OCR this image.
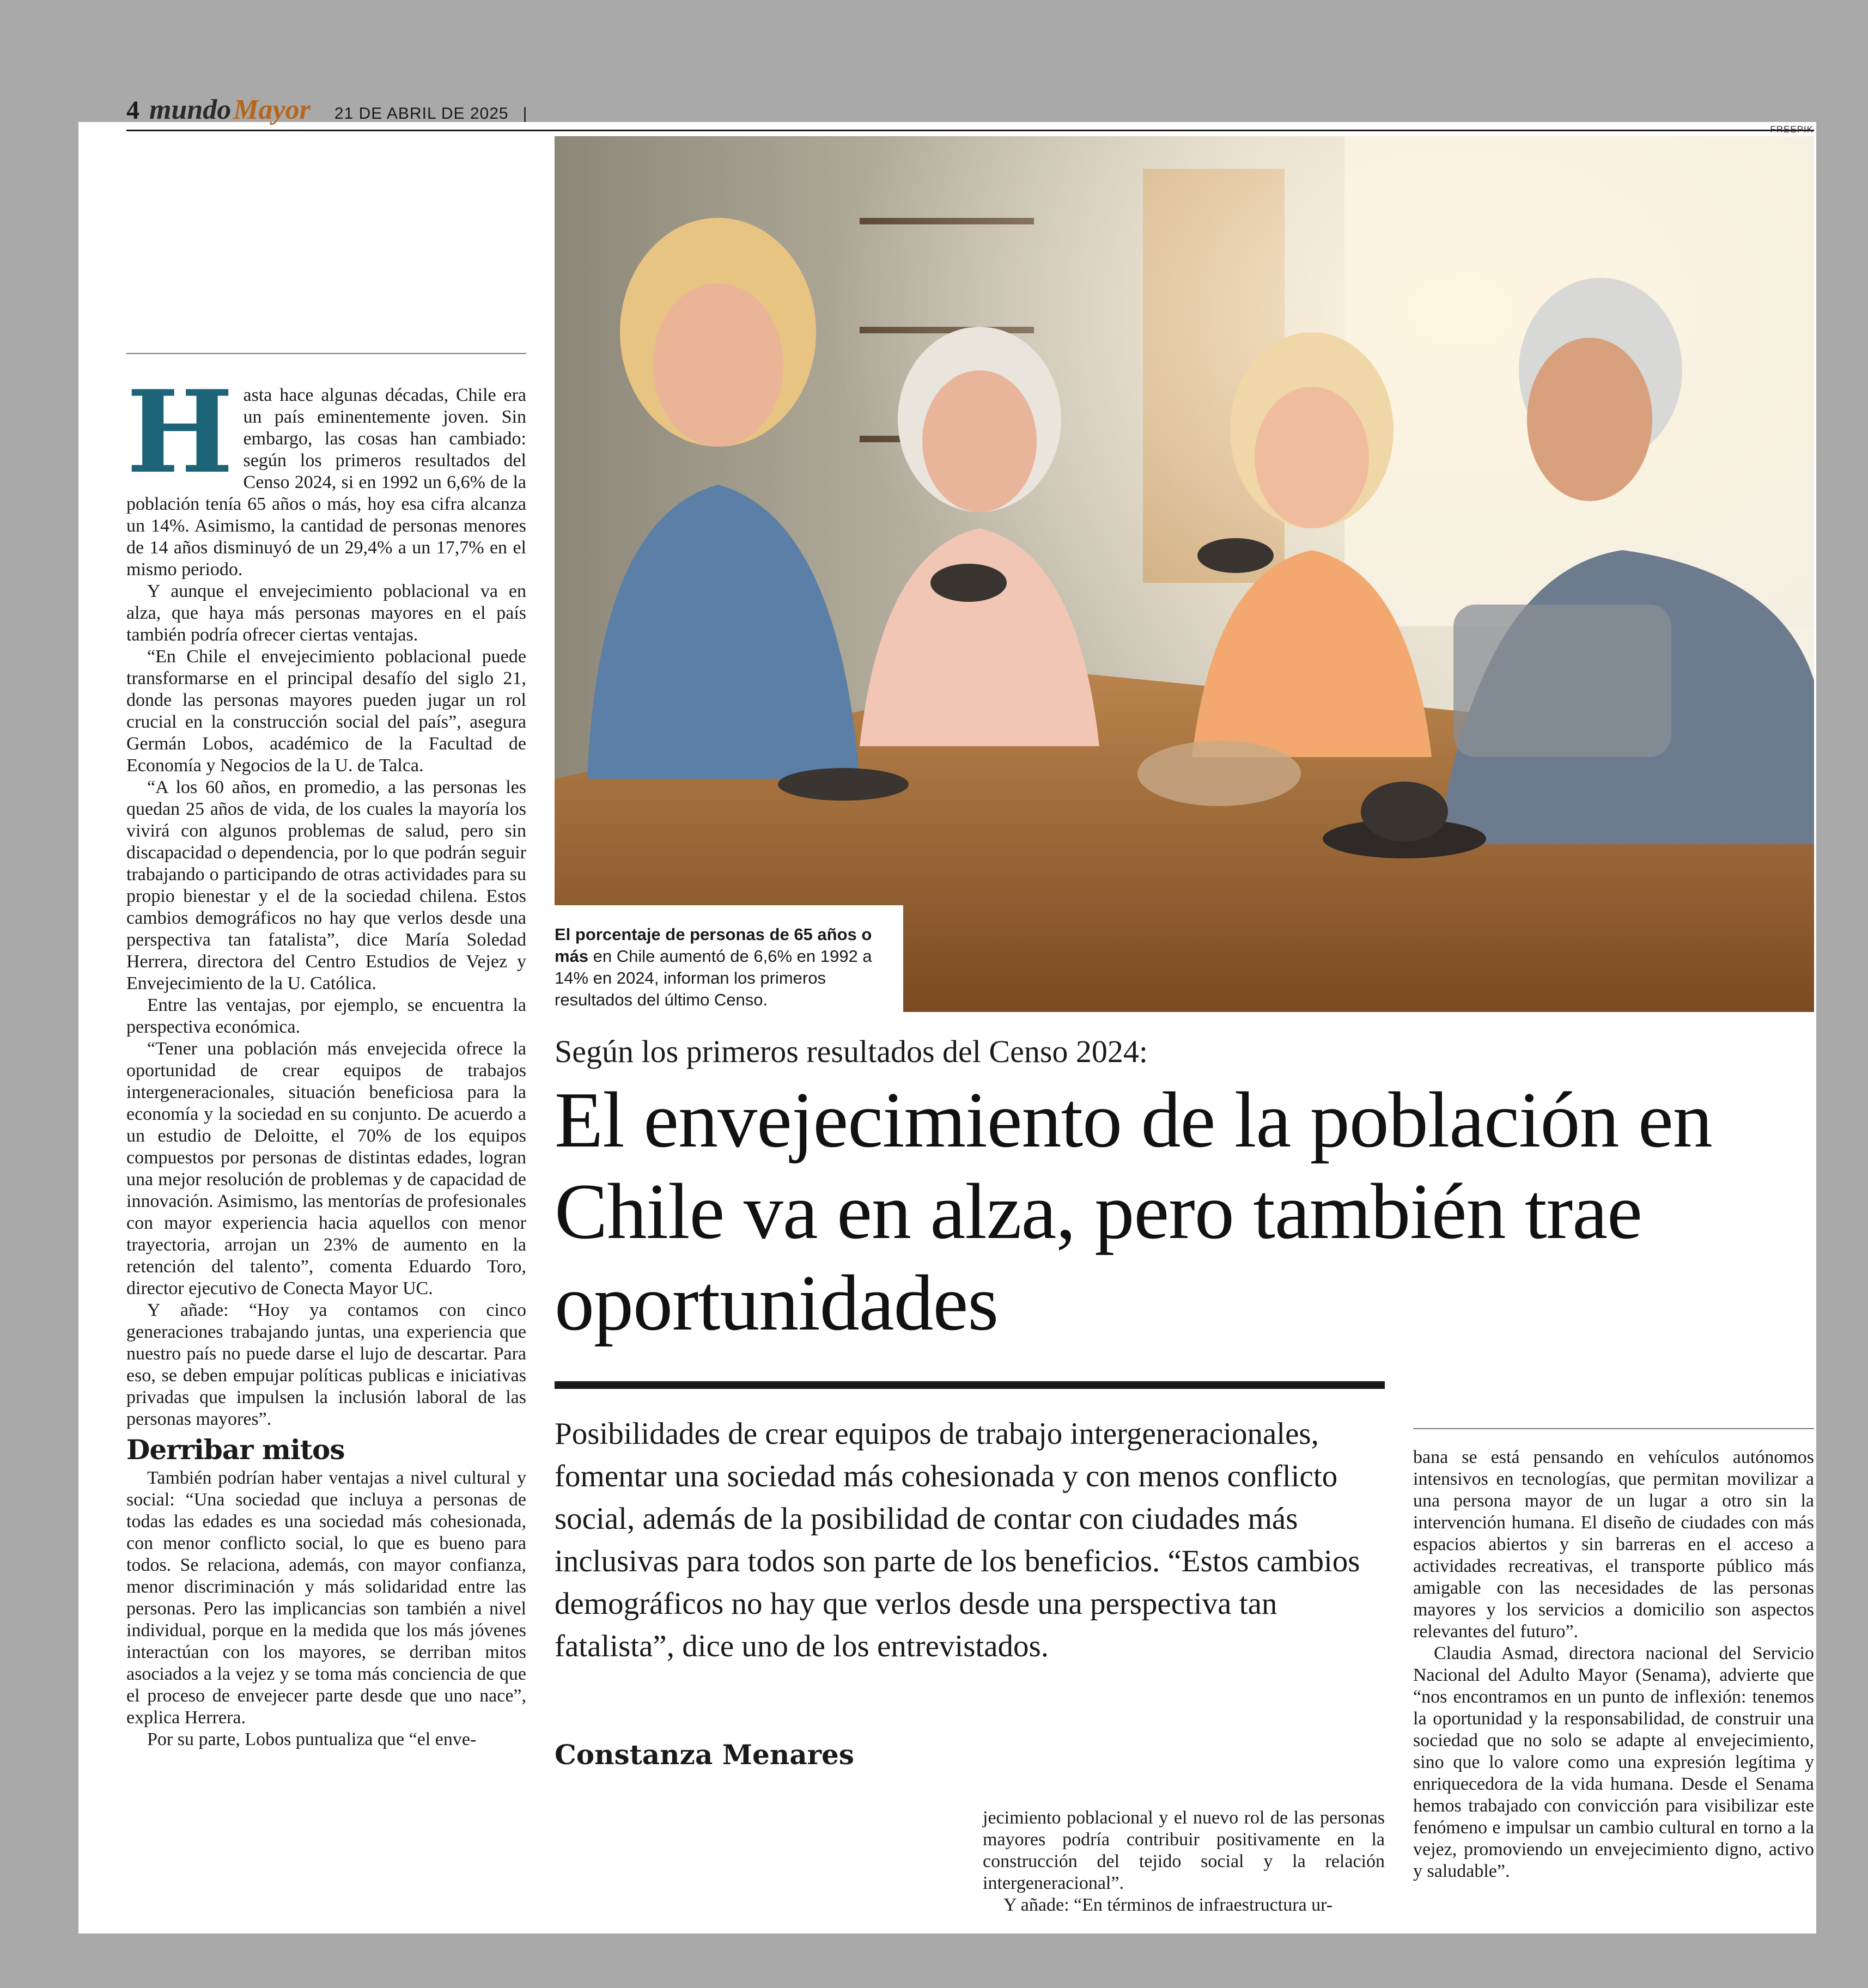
4 mundo Mayor 21 DE ABRIL DE 2025 |
FREEPIK
El porcentaje de personas de 65 años o más en Chile aumentó de 6,6% en 1992 a 14% en 2024, informan los primeros resultados del último Censo.

Hasta hace algunas décadas, Chile era un país eminentemente joven. Sin embargo, las cosas han cambiado: según los primeros resultados del Censo 2024, si en 1992 un 6,6% de la población tenía 65 años o más, hoy esa cifra alcanza un 14%. Asimismo, la cantidad de personas menores de 14 años disminuyó de un 29,4% a un 17,7% en el mismo periodo.

Y aunque el envejecimiento poblacional va en alza, que haya más personas mayores en el país también podría ofrecer ciertas ventajas.

“En Chile el envejecimiento poblacional puede transformarse en el principal desafío del siglo 21, donde las personas mayores pueden jugar un rol crucial en la construcción social del país”, asegura Germán Lobos, académico de la Facultad de Economía y Negocios de la U. de Talca.

“A los 60 años, en promedio, a las personas les quedan 25 años de vida, de los cuales la mayoría los vivirá con algunos problemas de salud, pero sin discapacidad o dependencia, por lo que podrán seguir trabajando o participando de otras actividades para su propio bienestar y el de la sociedad chilena. Estos cambios demográficos no hay que verlos desde una perspectiva tan fatalista”, dice María Soledad Herrera, directora del Centro Estudios de Vejez y Envejecimiento de la U. Católica.

Entre las ventajas, por ejemplo, se encuentra la perspectiva económica.

“Tener una población más envejecida ofrece la oportunidad de crear equipos de trabajos intergeneracionales, situación beneficiosa para la economía y la sociedad en su conjunto. De acuerdo a un estudio de Deloitte, el 70% de los equipos compuestos por personas de distintas edades, logran una mejor resolución de problemas y de capacidad de innovación. Asimismo, las mentorías de profesionales con mayor experiencia hacia aquellos con menor trayectoria, arrojan un 23% de aumento en la retención del talento”, comenta Eduardo Toro, director ejecutivo de Conecta Mayor UC.

Y añade: “Hoy ya contamos con cinco generaciones trabajando juntas, una experiencia que nuestro país no puede darse el lujo de descartar. Para eso, se deben empujar políticas publicas e iniciativas privadas que impulsen la inclusión laboral de las personas mayores”.

Derribar mitos

También podrían haber ventajas a nivel cultural y social: “Una sociedad que incluya a personas de todas las edades es una sociedad más cohesionada, con menor conflicto social, lo que es bueno para todos. Se relaciona, además, con mayor confianza, menor discriminación y más solidaridad entre las personas. Pero las implicancias son también a nivel individual, porque en la medida que los más jóvenes interactúan con los mayores, se derriban mitos asociados a la vejez y se toma más conciencia de que el proceso de envejecer parte desde que uno nace”, explica Herrera.

Por su parte, Lobos puntualiza que “el enve-

Según los primeros resultados del Censo 2024:
El envejecimiento de la población en Chile va en alza, pero también trae oportunidades
Posibilidades de crear equipos de trabajo intergeneracionales, fomentar una sociedad más cohesionada y con menos conflicto social, además de la posibilidad de contar con ciudades más inclusivas para todos son parte de los beneficios. “Estos cambios demográficos no hay que verlos desde una perspectiva tan fatalista”, dice uno de los entrevistados.
Constanza Menares

jecimiento poblacional y el nuevo rol de las personas mayores podría contribuir positivamente en la construcción del tejido social y la relación intergeneracional”.

Y añade: “En términos de infraestructura ur-

bana se está pensando en vehículos autónomos intensivos en tecnologías, que permitan movilizar a una persona mayor de un lugar a otro sin la intervención humana. El diseño de ciudades con más espacios abiertos y sin barreras en el acceso a actividades recreativas, el transporte público más amigable con las necesidades de las personas mayores y los servicios a domicilio son aspectos relevantes del futuro”.

Claudia Asmad, directora nacional del Servicio Nacional del Adulto Mayor (Senama), advierte que “nos encontramos en un punto de inflexión: tenemos la oportunidad y la responsabilidad, de construir una sociedad que no solo se adapte al envejecimiento, sino que lo valore como una expresión legítima y enriquecedora de la vida humana. Desde el Senama hemos trabajado con convicción para visibilizar este fenómeno e impulsar un cambio cultural en torno a la vejez, promoviendo un envejecimiento digno, activo y saludable”.
